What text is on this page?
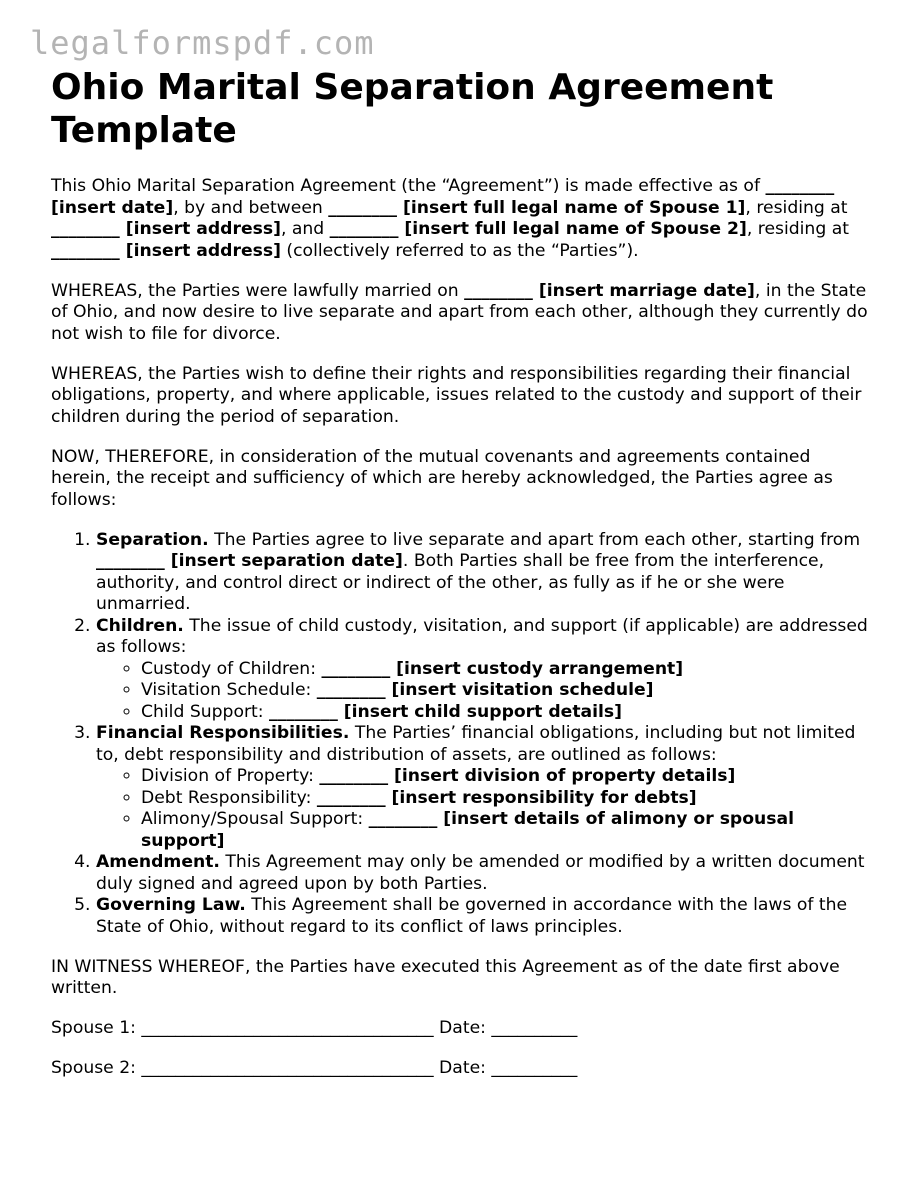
legalformspdf.com
Ohio Marital Separation Agreement Template

This Ohio Marital Separation Agreement (the “Agreement”) is made effective as of ________ [insert date], by and between ________ [insert full legal name of Spouse 1], residing at ________ [insert address], and ________ [insert full legal name of Spouse 2], residing at ________ [insert address] (collectively referred to as the “Parties”).

WHEREAS, the Parties were lawfully married on ________ [insert marriage date], in the State of Ohio, and now desire to live separate and apart from each other, although they currently do not wish to file for divorce.

WHEREAS, the Parties wish to define their rights and responsibilities regarding their financial obligations, property, and where applicable, issues related to the custody and support of their children during the period of separation.

NOW, THEREFORE, in consideration of the mutual covenants and agreements contained herein, the receipt and sufficiency of which are hereby acknowledged, the Parties agree as follows:

1. Separation. The Parties agree to live separate and apart from each other, starting from ________ [insert separation date]. Both Parties shall be free from the interference, authority, and control direct or indirect of the other, as fully as if he or she were unmarried.
2. Children. The issue of child custody, visitation, and support (if applicable) are addressed as follows:
◦ Custody of Children: ________ [insert custody arrangement]
◦ Visitation Schedule: ________ [insert visitation schedule]
◦ Child Support: ________ [insert child support details]
3. Financial Responsibilities. The Parties’ financial obligations, including but not limited to, debt responsibility and distribution of assets, are outlined as follows:
◦ Division of Property: ________ [insert division of property details]
◦ Debt Responsibility: ________ [insert responsibility for debts]
◦ Alimony/Spousal Support: ________ [insert details of alimony or spousal support]
4. Amendment. This Agreement may only be amended or modified by a written document duly signed and agreed upon by both Parties.
5. Governing Law. This Agreement shall be governed in accordance with the laws of the State of Ohio, without regard to its conflict of laws principles.

IN WITNESS WHEREOF, the Parties have executed this Agreement as of the date first above written.

Spouse 1: __________________________________ Date: __________

Spouse 2: __________________________________ Date: __________
